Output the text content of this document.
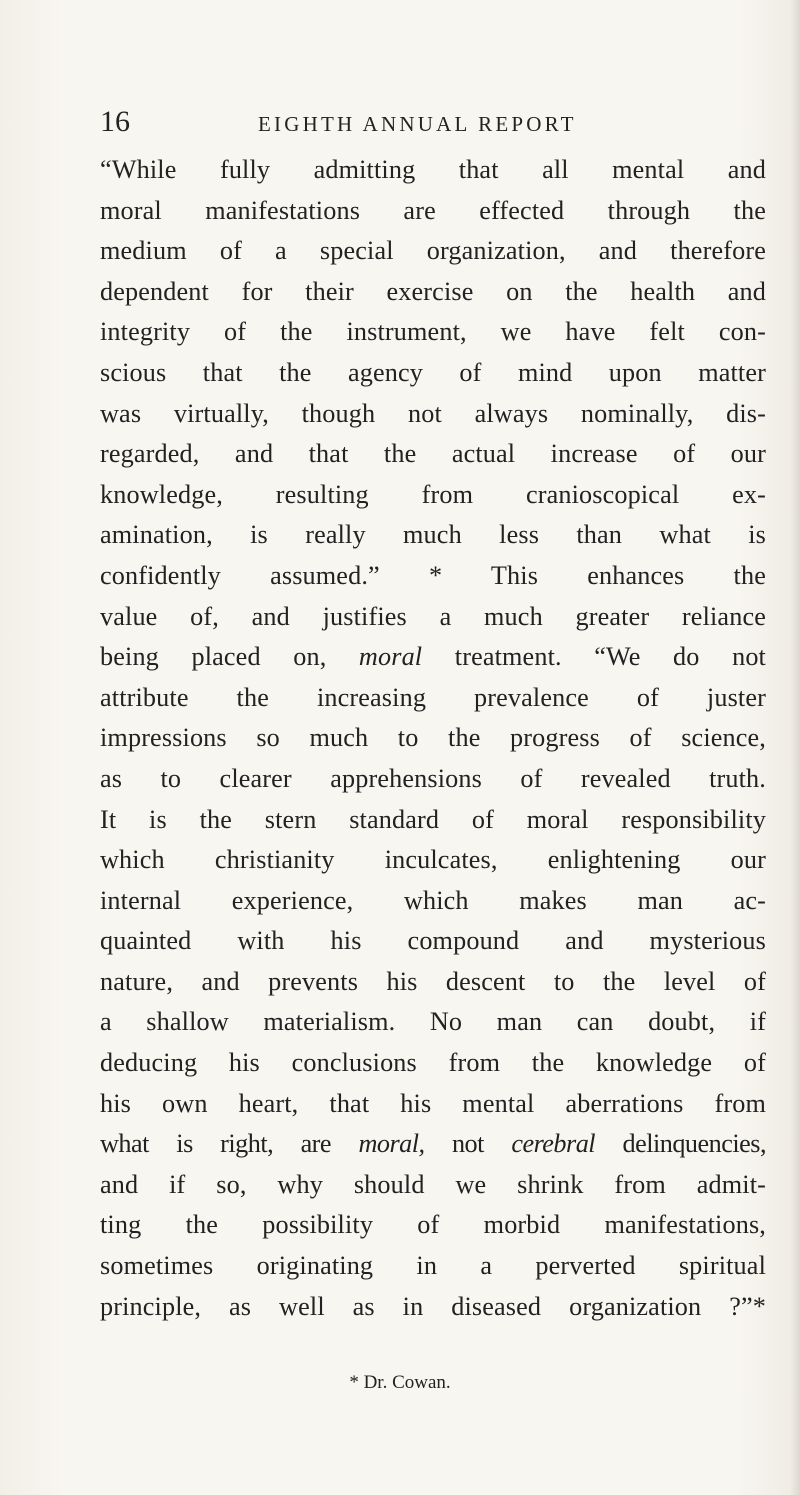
16	EIGHTH ANNUAL REPORT
“While fully admitting that all mental and
moral manifestations are effected through the
medium of a special organization, and therefore
dependent for their exercise on the health and
integrity of the instrument, we have felt con-
scious that the agency of mind upon matter
was virtually, though not always nominally, dis-
regarded, and that the actual increase of our
knowledge, resulting from cranioscopical ex-
amination, is really much less than what is
confidently assumed.” * This enhances the
value of, and justifies a much greater reliance
being placed on, moral treatment. “We do not
attribute the increasing prevalence of juster
impressions so much to the progress of science,
as to clearer apprehensions of revealed truth.
It is the stern standard of moral responsibility
which christianity inculcates, enlightening our
internal experience, which makes man ac-
quainted with his compound and mysterious
nature, and prevents his descent to the level of
a shallow materialism. No man can doubt, if
deducing his conclusions from the knowledge of
his own heart, that his mental aberrations from
what is right, are moral, not cerebral delinquencies,
and if so, why should we shrink from admit-
ting the possibility of morbid manifestations,
sometimes originating in a perverted spiritual
principle, as well as in diseased organization ?”*
* Dr. Cowan.
